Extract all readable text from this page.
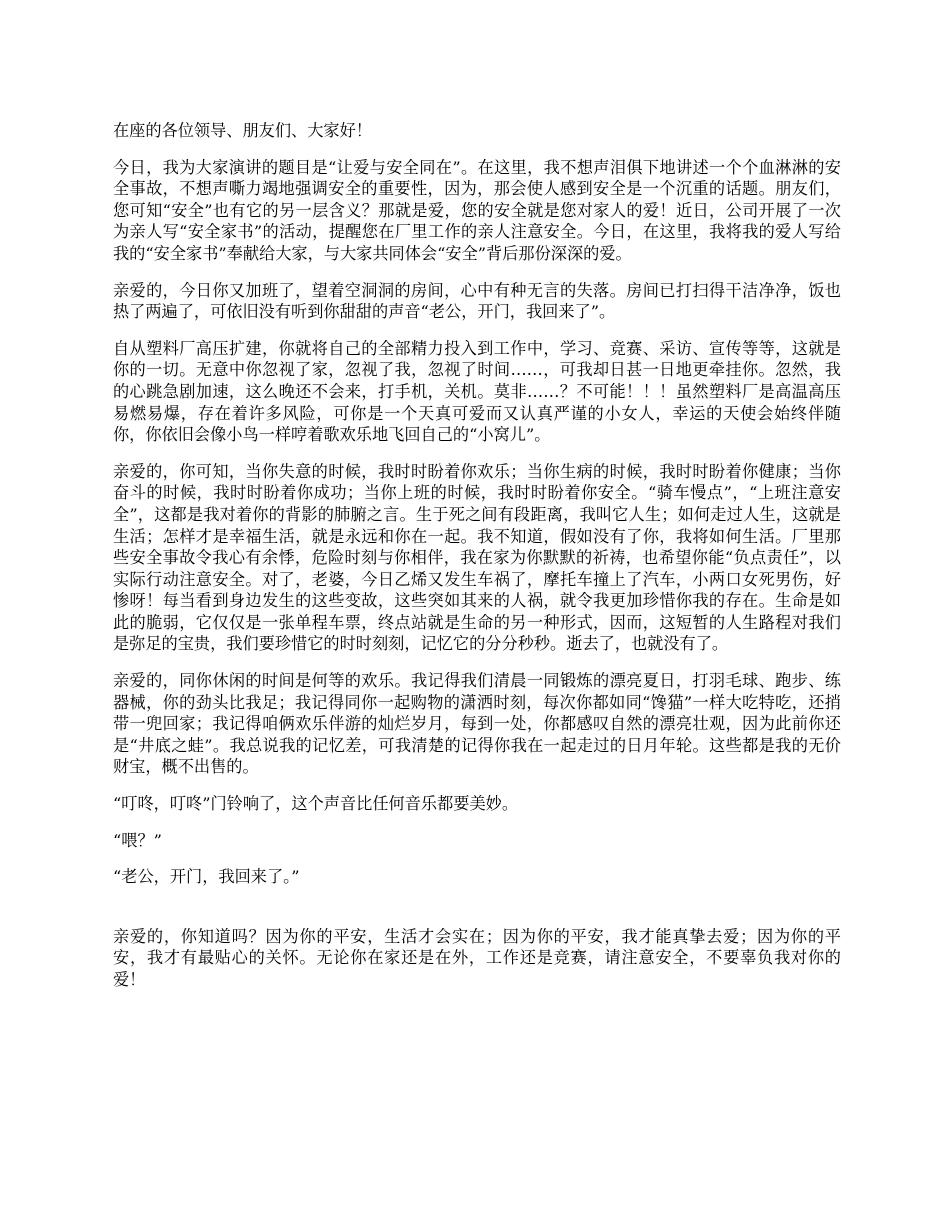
在座的各位领导、朋友们、大家好！

今日，我为大家演讲的题目是“让爱与安全同在”。在这里，我不想声泪俱下地讲述一个个血淋淋的安全事故，不想声嘶力竭地强调安全的重要性，因为，那会使人感到安全是一个沉重的话题。朋友们，您可知“安全”也有它的另一层含义？那就是爱，您的安全就是您对家人的爱！近日，公司开展了一次为亲人写“安全家书”的活动，提醒您在厂里工作的亲人注意安全。今日，在这里，我将我的爱人写给我的“安全家书”奉献给大家，与大家共同体会“安全”背后那份深深的爱。

亲爱的，今日你又加班了，望着空洞洞的房间，心中有种无言的失落。房间已打扫得干洁净净，饭也热了两遍了，可依旧没有听到你甜甜的声音“老公，开门，我回来了”。

自从塑料厂高压扩建，你就将自己的全部精力投入到工作中，学习、竞赛、采访、宣传等等，这就是你的一切。无意中你忽视了家，忽视了我，忽视了时间……，可我却日甚一日地更牵挂你。忽然，我的心跳急剧加速，这么晚还不会来，打手机，关机。莫非……？不可能！！！虽然塑料厂是高温高压易燃易爆，存在着许多风险，可你是一个天真可爱而又认真严谨的小女人，幸运的天使会始终伴随你，你依旧会像小鸟一样哼着歌欢乐地飞回自己的“小窝儿”。

亲爱的，你可知，当你失意的时候，我时时盼着你欢乐；当你生病的时候，我时时盼着你健康；当你奋斗的时候，我时时盼着你成功；当你上班的时候，我时时盼着你安全。“骑车慢点”，“上班注意安全”，这都是我对着你的背影的肺腑之言。生于死之间有段距离，我叫它人生；如何走过人生，这就是生活；怎样才是幸福生活，就是永远和你在一起。我不知道，假如没有了你，我将如何生活。厂里那些安全事故令我心有余悸，危险时刻与你相伴，我在家为你默默的祈祷，也希望你能“负点责任”，以实际行动注意安全。对了，老婆，今日乙烯又发生车祸了，摩托车撞上了汽车，小两口女死男伤，好惨呀！每当看到身边发生的这些变故，这些突如其来的人祸，就令我更加珍惜你我的存在。生命是如此的脆弱，它仅仅是一张单程车票，终点站就是生命的另一种形式，因而，这短暂的人生路程对我们是弥足的宝贵，我们要珍惜它的时时刻刻，记忆它的分分秒秒。逝去了，也就没有了。

亲爱的，同你休闲的时间是何等的欢乐。我记得我们清晨一同锻炼的漂亮夏日，打羽毛球、跑步、练器械，你的劲头比我足；我记得同你一起购物的潇洒时刻，每次你都如同“馋猫”一样大吃特吃，还捎带一兜回家；我记得咱俩欢乐伴游的灿烂岁月，每到一处，你都感叹自然的漂亮壮观，因为此前你还是“井底之蛙”。我总说我的记忆差，可我清楚的记得你我在一起走过的日月年轮。这些都是我的无价财宝，概不出售的。

“叮咚，叮咚”门铃响了，这个声音比任何音乐都要美妙。

“喂？”

“老公，开门，我回来了。”

亲爱的，你知道吗？因为你的平安，生活才会实在；因为你的平安，我才能真挚去爱；因为你的平安，我才有最贴心的关怀。无论你在家还是在外，工作还是竞赛，请注意安全，不要辜负我对你的爱！
